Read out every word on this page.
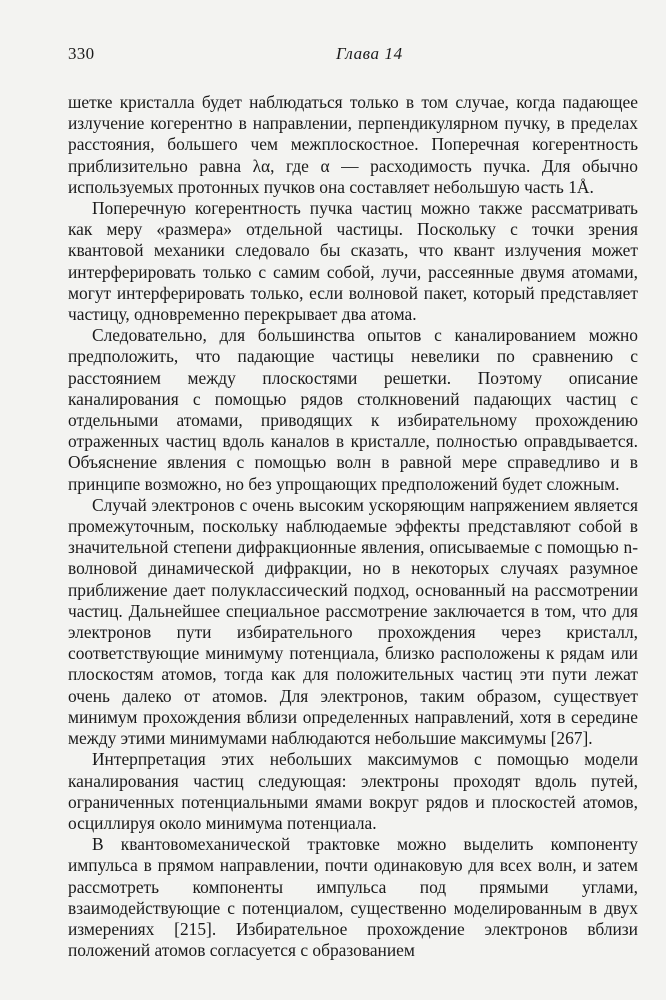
330	Глава 14

шетке кристалла будет наблюдаться только в том случае, когда падающее излучение когерентно в направлении, перпендикулярном пучку, в пределах расстояния, большего чем межплоскостное. Поперечная когерентность приблизительно равна λα, где α — расходимость пучка. Для обычно используемых протонных пучков она составляет небольшую часть 1Å.

Поперечную когерентность пучка частиц можно также рассматривать как меру «размера» отдельной частицы. Поскольку с точки зрения квантовой механики следовало бы сказать, что квант излучения может интерферировать только с самим собой, лучи, рассеянные двумя атомами, могут интерферировать только, если волновой пакет, который представляет частицу, одновременно перекрывает два атома.

Следовательно, для большинства опытов с каналированием можно предположить, что падающие частицы невелики по сравнению с расстоянием между плоскостями решетки. Поэтому описание каналирования с помощью рядов столкновений падающих частиц с отдельными атомами, приводящих к избирательному прохождению отраженных частиц вдоль каналов в кристалле, полностью оправдывается. Объяснение явления с помощью волн в равной мере справедливо и в принципе возможно, но без упрощающих предположений будет сложным.

Случай электронов с очень высоким ускоряющим напряжением является промежуточным, поскольку наблюдаемые эффекты представляют собой в значительной степени дифракционные явления, описываемые с помощью n-волновой динамической дифракции, но в некоторых случаях разумное приближение дает полуклассический подход, основанный на рассмотрении частиц. Дальнейшее специальное рассмотрение заключается в том, что для электронов пути избирательного прохождения через кристалл, соответствующие минимуму потенциала, близко расположены к рядам или плоскостям атомов, тогда как для положительных частиц эти пути лежат очень далеко от атомов. Для электронов, таким образом, существует минимум прохождения вблизи определенных направлений, хотя в середине между этими минимумами наблюдаются небольшие максимумы [267].

Интерпретация этих небольших максимумов с помощью модели каналирования частиц следующая: электроны проходят вдоль путей, ограниченных потенциальными ямами вокруг рядов и плоскостей атомов, осциллируя около минимума потенциала.

В квантовомеханической трактовке можно выделить компоненту импульса в прямом направлении, почти одинаковую для всех волн, и затем рассмотреть компоненты импульса под прямыми углами, взаимодействующие с потенциалом, существенно моделированным в двух измерениях [215]. Избирательное прохождение электронов вблизи положений атомов согласуется с образованием
